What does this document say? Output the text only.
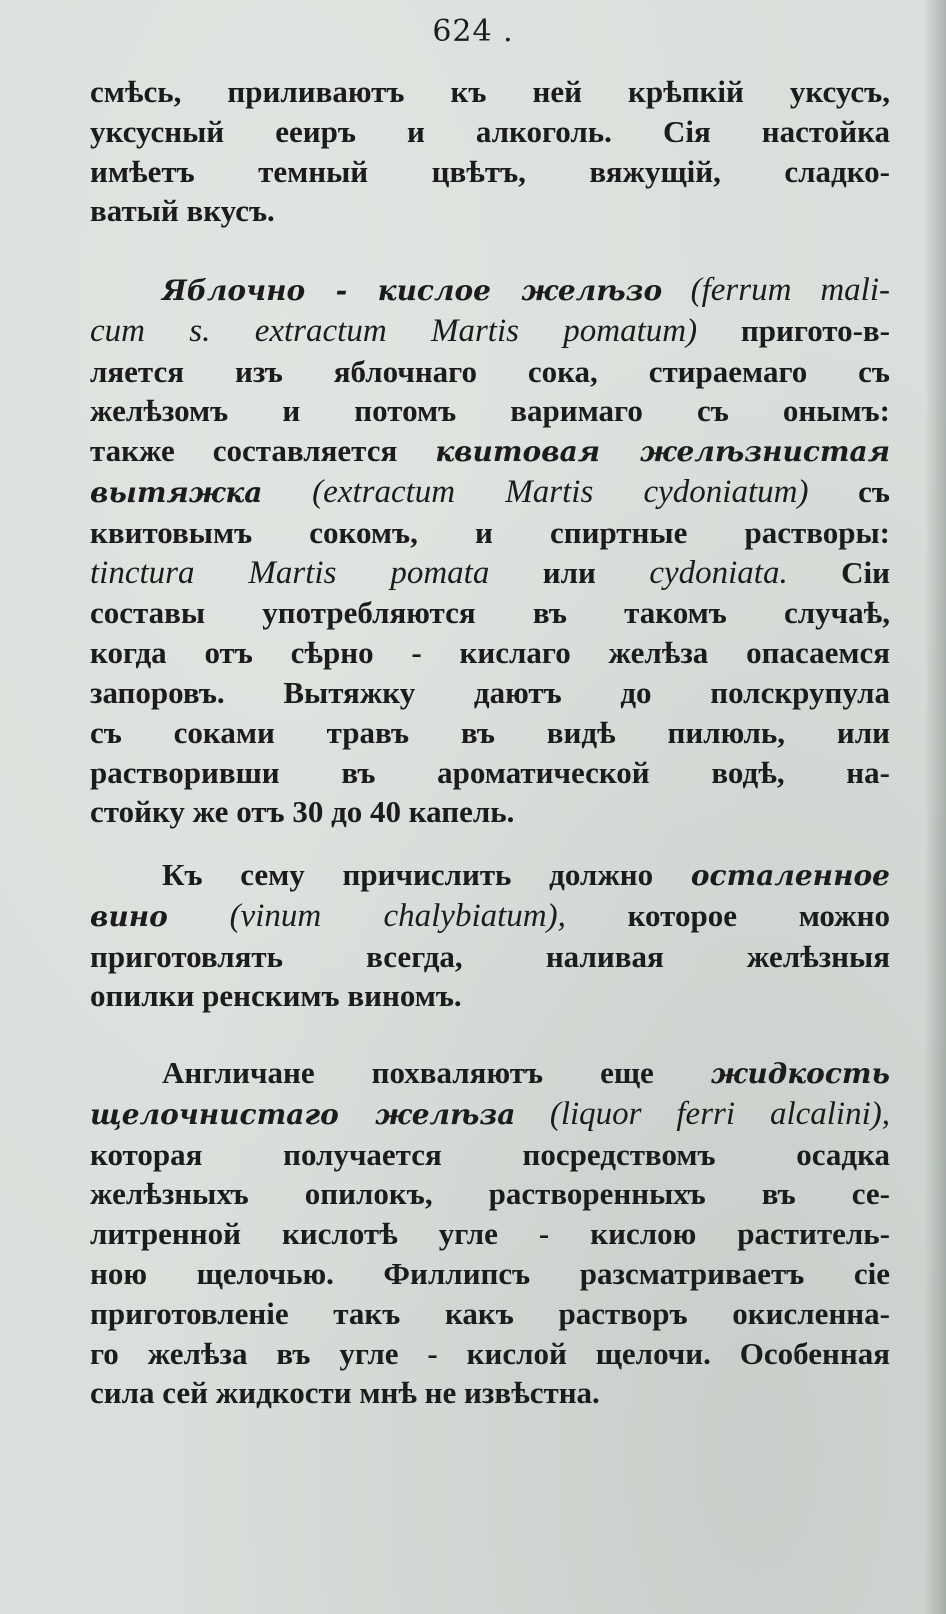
624 .
смѣсь, приливаютъ къ ней крѣпкій уксусъ,
уксусный ееиръ и алкоголь. Сія настойка
имѣетъ темный цвѣтъ, вяжущій, сладко-
ватый вкусъ.
Яблочно - кислое желѣзо (ferrum mali-
cum s. extractum Martis pomatum) пригото-в-
ляется изъ яблочнаго сока, стираемаго съ
желѣзомъ и потомъ варимаго съ онымъ:
также составляется квитовая желѣзнистая
вытяжка (extractum Martis cydoniatum) съ
квитовымъ сокомъ, и спиртные растворы:
tinctura Martis pomata или cydoniata. Сіи
составы употребляются въ такомъ случаѣ,
когда отъ сѣрно - кислаго желѣза опасаемся
запоровъ. Вытяжку даютъ до полскрупула
съ соками травъ въ видѣ пилюль, или
растворивши въ ароматической водѣ, на-
стойку же отъ 30 до 40 капель.
Къ сему причислить должно осталенное
вино (vinum chalybiatum), которое можно
приготовлять всегда, наливая желѣзныя
опилки ренскимъ виномъ.
Англичане похваляютъ еще жидкость
щелочнистаго желѣза (liquor ferri alcalini),
которая получается посредствомъ осадка
желѣзныхъ опилокъ, растворенныхъ въ се-
литренной кислотѣ угле - кислою раститель-
ною щелочью. Филлипсъ разсматриваетъ сіе
приготовленіе такъ какъ растворъ окисленна-
го желѣза въ угле - кислой щелочи. Особенная
сила сей жидкости мнѣ не извѣстна.
